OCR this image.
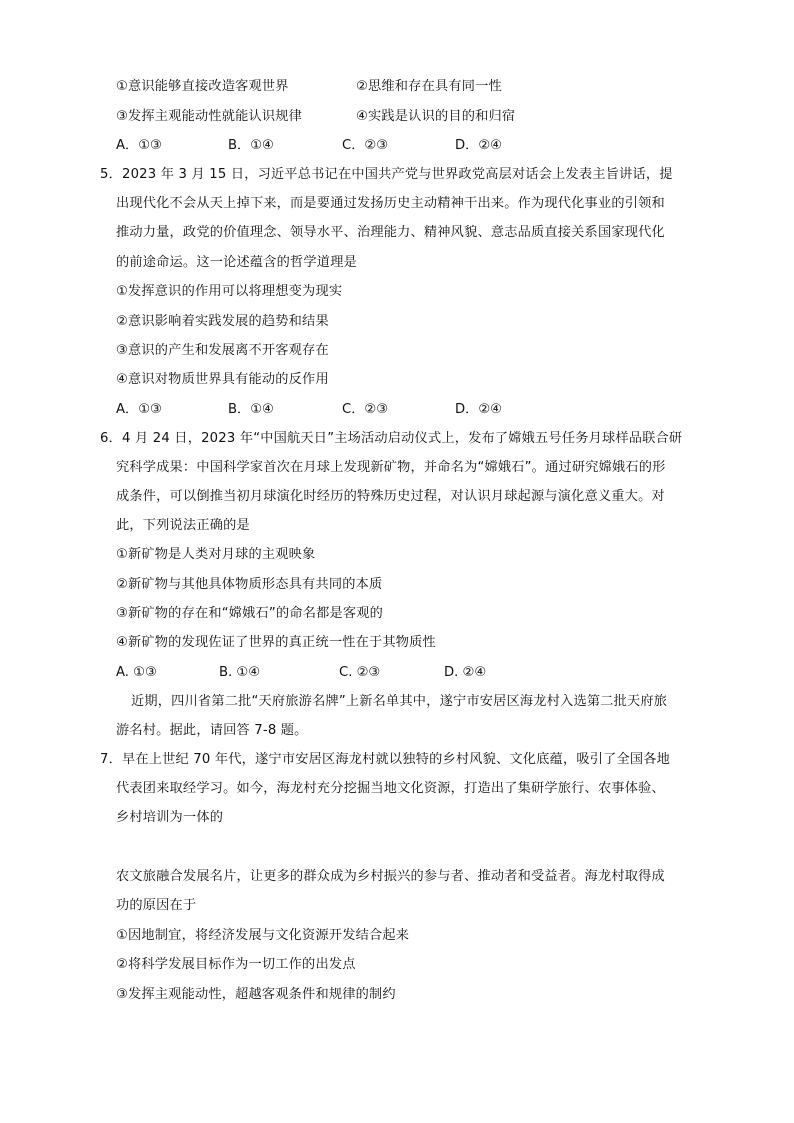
①意识能够直接改造客观世界	②思维和存在具有同一性
③发挥主观能动性就能认识规律	④实践是认识的目的和归宿
A．①③	B．①④	C．②③	D．②④
5．2023 年 3 月 15 日，习近平总书记在中国共产党与世界政党高层对话会上发表主旨讲话，提
出现代化不会从天上掉下来，而是要通过发扬历史主动精神干出来。作为现代化事业的引领和
推动力量，政党的价值理念、领导水平、治理能力、精神风貌、意志品质直接关系国家现代化
的前途命运。这一论述蕴含的哲学道理是
①发挥意识的作用可以将理想变为现实
②意识影响着实践发展的趋势和结果
③意识的产生和发展离不开客观存在
④意识对物质世界具有能动的反作用
A．①③	B．①④	C．②③	D．②④
6．4 月 24 日，2023 年“中国航天日”主场活动启动仪式上，发布了嫦娥五号任务月球样品联合研
究科学成果：中国科学家首次在月球上发现新矿物，并命名为“嫦娥石”。通过研究嫦娥石的形
成条件，可以倒推当初月球演化时经历的特殊历史过程，对认识月球起源与演化意义重大。对
此，下列说法正确的是
①新矿物是人类对月球的主观映象
②新矿物与其他具体物质形态具有共同的本质
③新矿物的存在和“嫦娥石”的命名都是客观的
④新矿物的发现佐证了世界的真正统一性在于其物质性
A. ①③	B. ①④	C. ②③	D. ②④
近期，四川省第二批“天府旅游名牌”上新名单其中，遂宁市安居区海龙村入选第二批天府旅
游名村。据此，请回答 7-8 题。
7．早在上世纪 70 年代，遂宁市安居区海龙村就以独特的乡村风貌、文化底蕴，吸引了全国各地
代表团来取经学习。如今，海龙村充分挖掘当地文化资源，打造出了集研学旅行、农事体验、
乡村培训为一体的
农文旅融合发展名片，让更多的群众成为乡村振兴的参与者、推动者和受益者。海龙村取得成
功的原因在于
①因地制宜，将经济发展与文化资源开发结合起来
②将科学发展目标作为一切工作的出发点
③发挥主观能动性，超越客观条件和规律的制约
